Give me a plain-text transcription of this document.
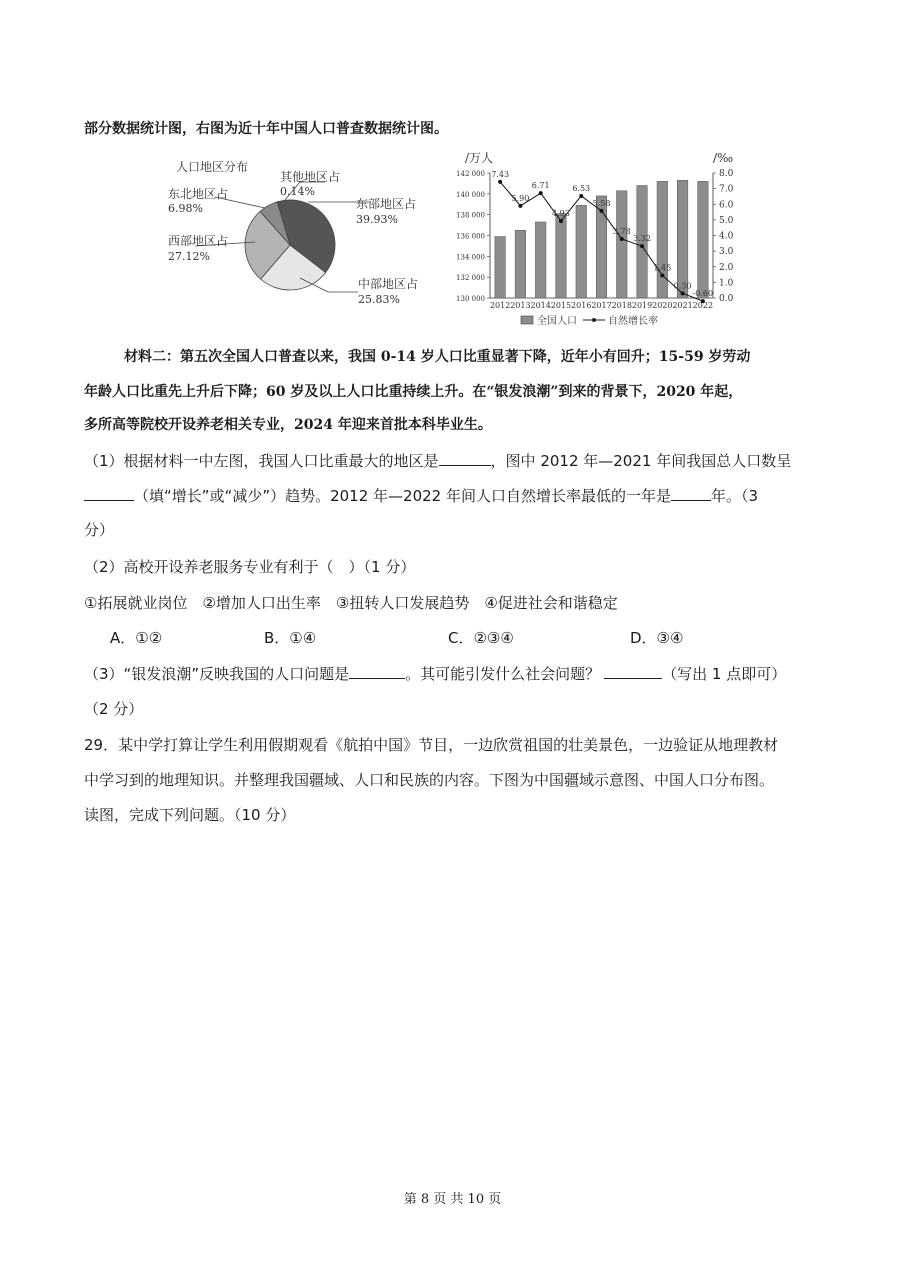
部分数据统计图，右图为近十年中国人口普查数据统计图。
人口地区分布
其他地区占
0.14%
东北地区占
6.98%	东部地区占
39.93%
西部地区占
27.12%
中部地区占
25.83%
/万人	/‰
7.43
5.90
6.71
4.93
6.53
5.58
3.78
3.32
1.45
0.30
-0.60
142 000
140 000
138 000
136 000
134 000
132 000
130 000
8.0
7.0
6.0
5.0
4.0
3.0
2.0
1.0
0.0
2012 2013 2014 2015 2016 2017 2018 2019 2020 2021 2022
全国人口	自然增长率
材料二：第五次全国人口普查以来，我国 0-14 岁人口比重显著下降，近年小有回升；15-59 岁劳动
年龄人口比重先上升后下降；60 岁及以上人口比重持续上升。在“银发浪潮”到来的背景下，2020 年起，
多所高等院校开设养老相关专业，2024 年迎来首批本科毕业生。
（1）根据材料一中左图，我国人口比重最大的地区是	，图中 2012 年—2021 年间我国总人口数呈
（填“增长”或“减少”）趋势。2012 年—2022 年间人口自然增长率最低的一年是	年。（3
分）
（2）高校开设养老服务专业有利于（　）（1 分）
①拓展就业岗位　②增加人口出生率　③扭转人口发展趋势　④促进社会和谐稳定
A．①②	B．①④	C．②③④	D．③④
（3）“银发浪潮”反映我国的人口问题是	。其可能引发什么社会问题？	（写出 1 点即可）
（2 分）
29．某中学打算让学生利用假期观看《航拍中国》节目，一边欣赏祖国的壮美景色，一边验证从地理教材
中学习到的地理知识。并整理我国疆域、人口和民族的内容。下图为中国疆域示意图、中国人口分布图。
读图，完成下列问题。（10 分）
第 8 页 共 10 页
